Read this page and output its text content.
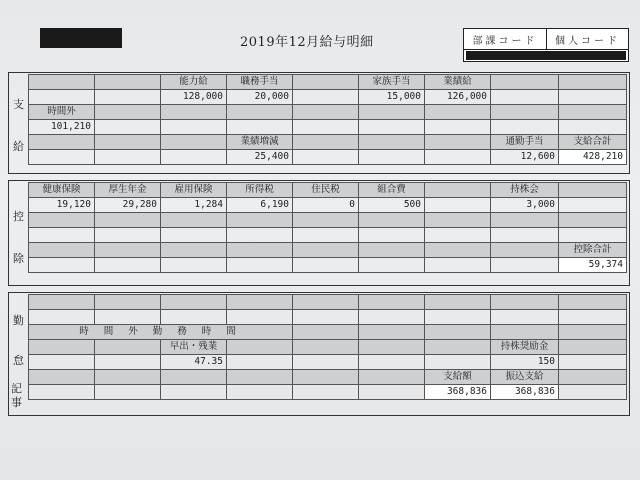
2019年12月給与明細	部課コード	個人コード
支
給
		能力給	職務手当		家族手当	業績給		
		128,000	20,000		15,000	126,000		
時間外								
101,210								
			業績増減				通勤手当	支給合計
			25,400				12,600	428,210
控
除
健康保険	厚生年金	雇用保険	所得税	住民税	組合費		持株会	
19,120	29,280	1,284	6,190	0	500		3,000	

								控除合計
								59,374
勤
怠
記事

時 間 外 勤 務 時 間								
		早出・残業					持株奨励金	
		47.35					150	
						支給額	振込支給	
						368,836	368,836	
